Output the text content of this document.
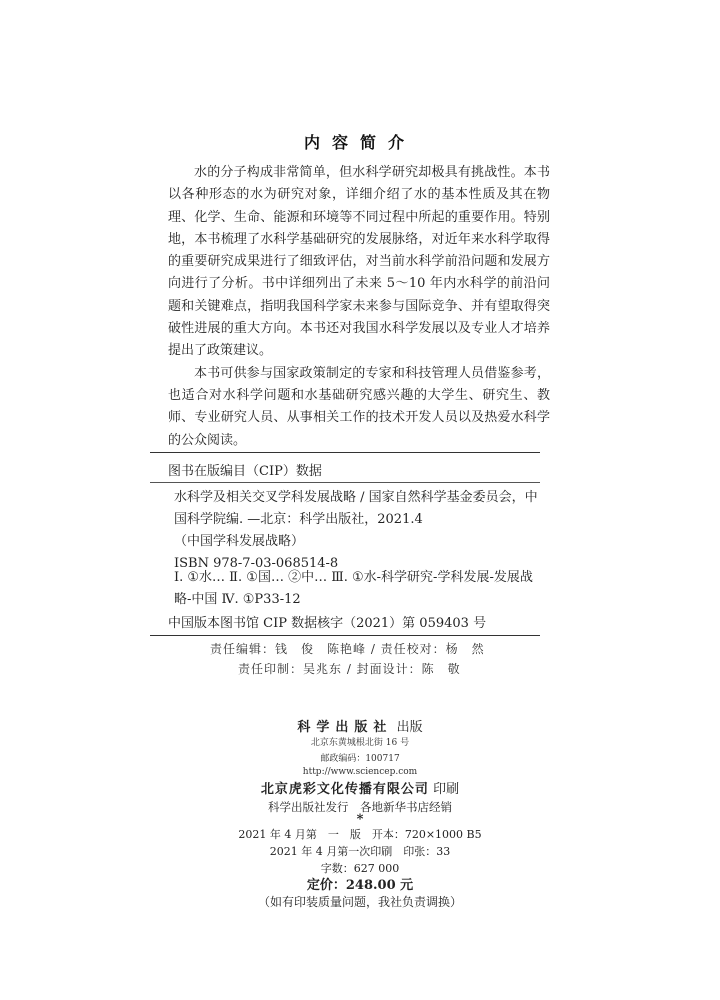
内容简介

水的分子构成非常简单，但水科学研究却极具有挑战性。本书以各种形态的水为研究对象，详细介绍了水的基本性质及其在物理、化学、生命、能源和环境等不同过程中所起的重要作用。特别地，本书梳理了水科学基础研究的发展脉络，对近年来水科学取得的重要研究成果进行了细致评估，对当前水科学前沿问题和发展方向进行了分析。书中详细列出了未来 5～10 年内水科学的前沿问题和关键难点，指明我国科学家未来参与国际竞争、并有望取得突破性进展的重大方向。本书还对我国水科学发展以及专业人才培养提出了政策建议。

本书可供参与国家政策制定的专家和科技管理人员借鉴参考，也适合对水科学问题和水基础研究感兴趣的大学生、研究生、教师、专业研究人员、从事相关工作的技术开发人员以及热爱水科学的公众阅读。

图书在版编目（CIP）数据
水科学及相关交叉学科发展战略 / 国家自然科学基金委员会，中国科学院编. —北京：科学出版社，2021.4
（中国学科发展战略）
ISBN 978-7-03-068514-8
Ⅰ. ①水… Ⅱ. ①国… ②中… Ⅲ. ①水-科学研究-学科发展-发展战略-中国 Ⅳ. ①P33-12
中国版本图书馆 CIP 数据核字（2021）第 059403 号
责任编辑：钱　俊　陈艳峰 / 责任校对：杨　然
责任印制：吴兆东 / 封面设计：陈　敬
科学出版社 出版
北京东黄城根北街 16 号
邮政编码：100717
http://www.sciencep.com
北京虎彩文化传播有限公司 印刷
科学出版社发行　各地新华书店经销
*
2021 年 4 月第　一　版　开本：720×1000 B5
2021 年 4 月第一次印刷　印张：33
字数：627 000
定价：248.00 元
（如有印装质量问题，我社负责调换）
